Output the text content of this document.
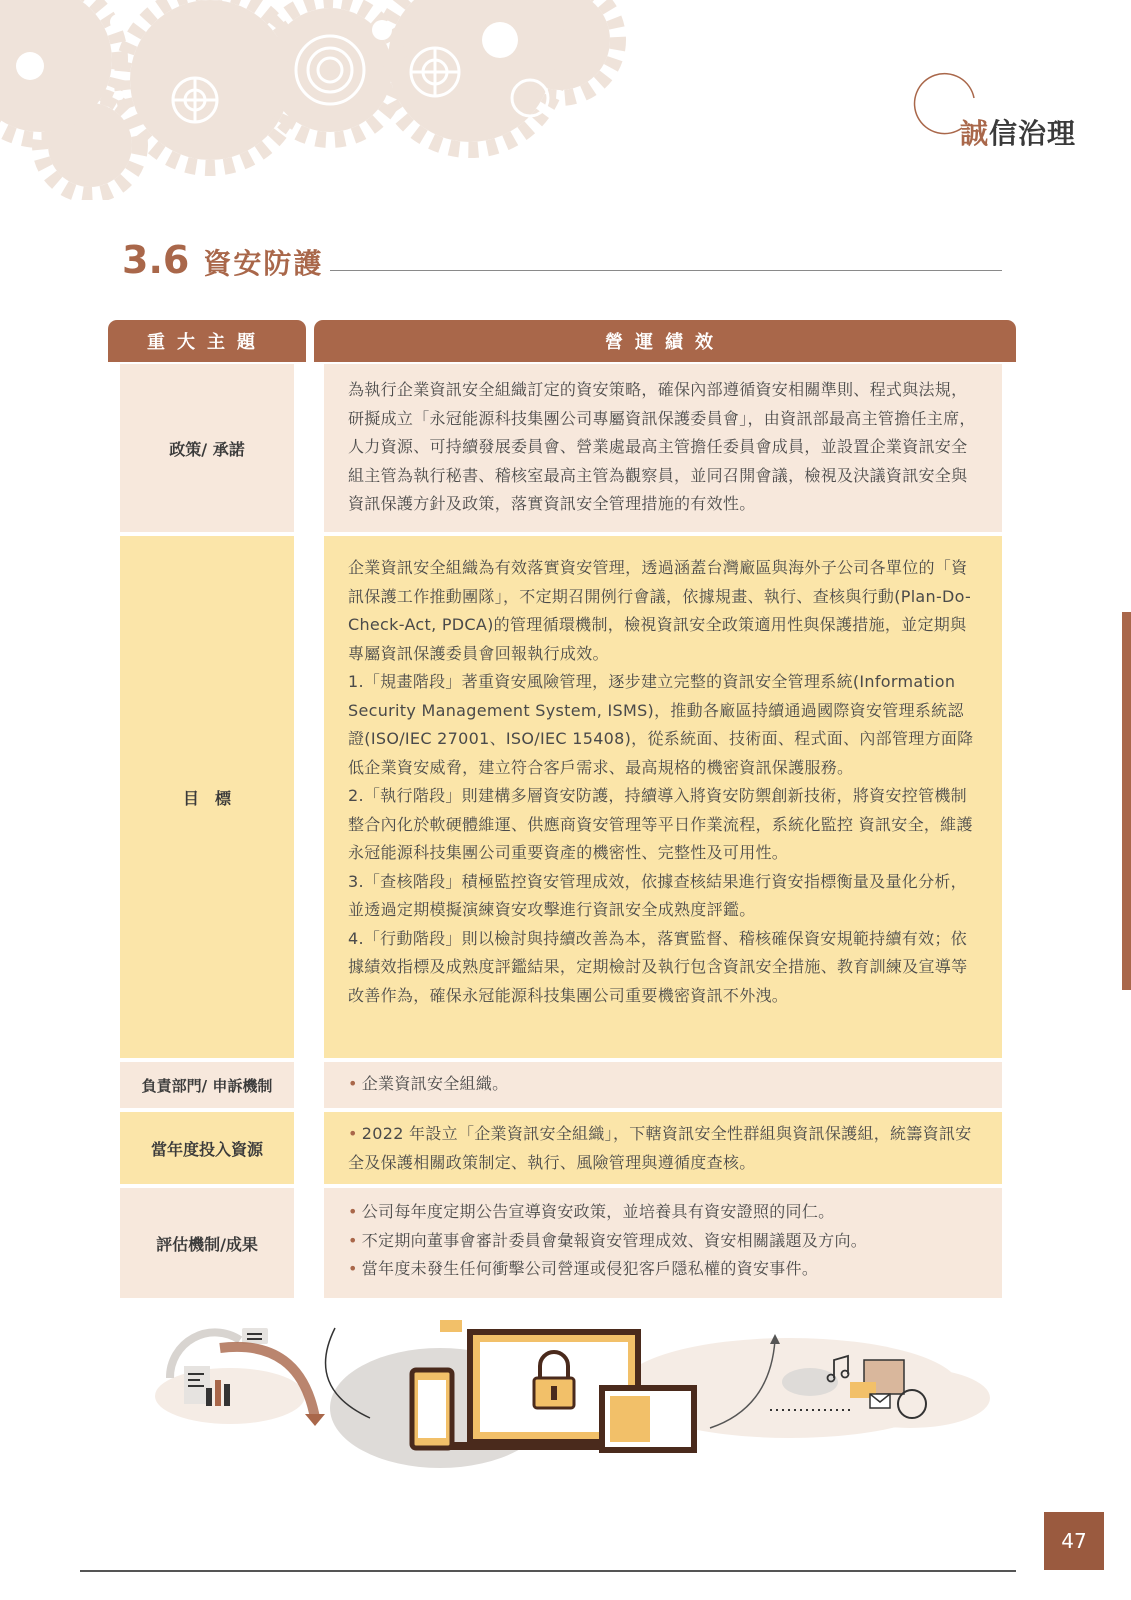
誠信治理
3.6 資安防護
重大主題	營運績效
政策/ 承諾

為執行企業資訊安全組織訂定的資安策略，確保內部遵循資安相關準則、程式與法規，研擬成立「永冠能源科技集團公司專屬資訊保護委員會」，由資訊部最高主管擔任主席，人力資源、可持續發展委員會、營業處最高主管擔任委員會成員，並設置企業資訊安全組主管為執行秘書、稽核室最高主管為觀察員，並同召開會議，檢視及決議資訊安全與資訊保護方針及政策，落實資訊安全管理措施的有效性。

目　標

企業資訊安全組織為有效落實資安管理，透過涵蓋台灣廠區與海外子公司各單位的「資訊保護工作推動團隊」，不定期召開例行會議，依據規畫、執行、查核與行動(Plan-Do-Check-Act, PDCA)的管理循環機制，檢視資訊安全政策適用性與保護措施，並定期與專屬資訊保護委員會回報執行成效。

1.「規畫階段」著重資安風險管理，逐步建立完整的資訊安全管理系統(Information Security Management System, ISMS)，推動各廠區持續通過國際資安管理系統認證(ISO/IEC 27001、ISO/IEC 15408)，從系統面、技術面、程式面、內部管理方面降低企業資安威脅，建立符合客戶需求、最高規格的機密資訊保護服務。

2.「執行階段」則建構多層資安防護，持續導入將資安防禦創新技術，將資安控管機制整合內化於軟硬體維運、供應商資安管理等平日作業流程，系統化監控 資訊安全，維護永冠能源科技集團公司重要資產的機密性、完整性及可用性。

3.「查核階段」積極監控資安管理成效，依據查核結果進行資安指標衡量及量化分析，並透過定期模擬演練資安攻擊進行資訊安全成熟度評鑑。

4.「行動階段」則以檢討與持續改善為本，落實監督、稽核確保資安規範持續有效；依據績效指標及成熟度評鑑結果，定期檢討及執行包含資訊安全措施、教育訓練及宣導等改善作為，確保永冠能源科技集團公司重要機密資訊不外洩。

負責部門/ 申訴機制	• 企業資訊安全組織。
當年度投入資源
• 2022 年設立「企業資訊安全組織」，下轄資訊安全性群組與資訊保護組，統籌資訊安全及保護相關政策制定、執行、風險管理與遵循度查核。
評估機制/成果
• 公司每年度定期公告宣導資安政策，並培養具有資安證照的同仁。
• 不定期向董事會審計委員會彙報資安管理成效、資安相關議題及方向。
• 當年度未發生任何衝擊公司營運或侵犯客戶隱私權的資安事件。
47
